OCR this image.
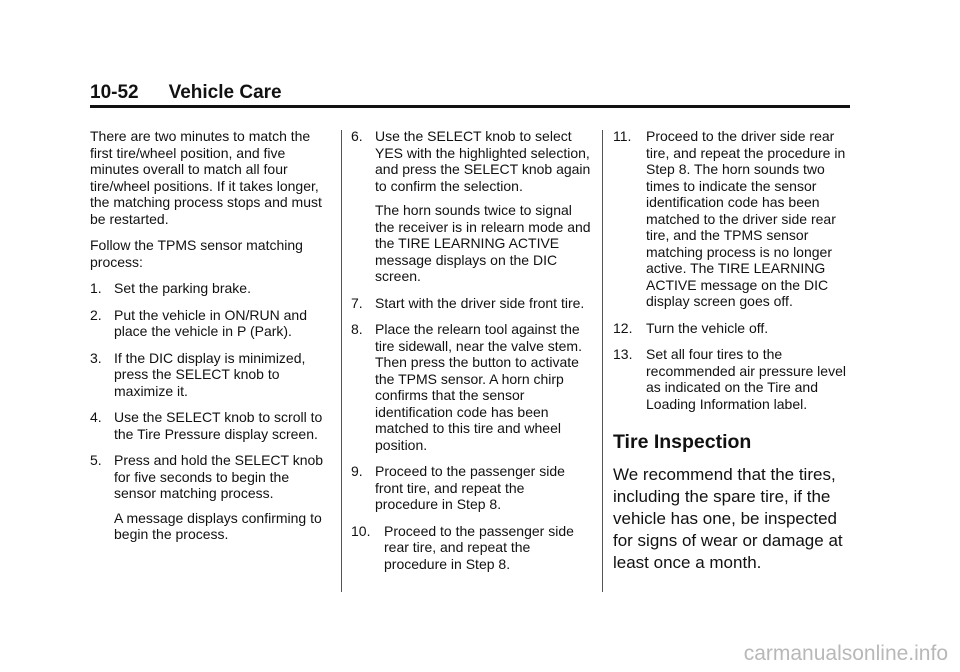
10-52 Vehicle Care

There are two minutes to match the first tire/wheel position, and five minutes overall to match all four tire/wheel positions. If it takes longer, the matching process stops and must be restarted.

Follow the TPMS sensor matching process:

1. Set the parking brake.
2. Put the vehicle in ON/RUN and place the vehicle in P (Park).
3. If the DIC display is minimized, press the SELECT knob to maximize it.
4. Use the SELECT knob to scroll to the Tire Pressure display screen.
5. Press and hold the SELECT knob for five seconds to begin the sensor matching process.
A message displays confirming to begin the process.
6. Use the SELECT knob to select YES with the highlighted selection, and press the SELECT knob again to confirm the selection.
The horn sounds twice to signal the receiver is in relearn mode and the TIRE LEARNING ACTIVE message displays on the DIC screen.
7. Start with the driver side front tire.
8. Place the relearn tool against the tire sidewall, near the valve stem. Then press the button to activate the TPMS sensor. A horn chirp confirms that the sensor identification code has been matched to this tire and wheel position.
9. Proceed to the passenger side front tire, and repeat the procedure in Step 8.
10. Proceed to the passenger side rear tire, and repeat the procedure in Step 8.
11. Proceed to the driver side rear tire, and repeat the procedure in Step 8. The horn sounds two times to indicate the sensor identification code has been matched to the driver side rear tire, and the TPMS sensor matching process is no longer active. The TIRE LEARNING ACTIVE message on the DIC display screen goes off.
12. Turn the vehicle off.
13. Set all four tires to the recommended air pressure level as indicated on the Tire and Loading Information label.
Tire Inspection

We recommend that the tires, including the spare tire, if the vehicle has one, be inspected for signs of wear or damage at least once a month.

carmanualsonline.info
